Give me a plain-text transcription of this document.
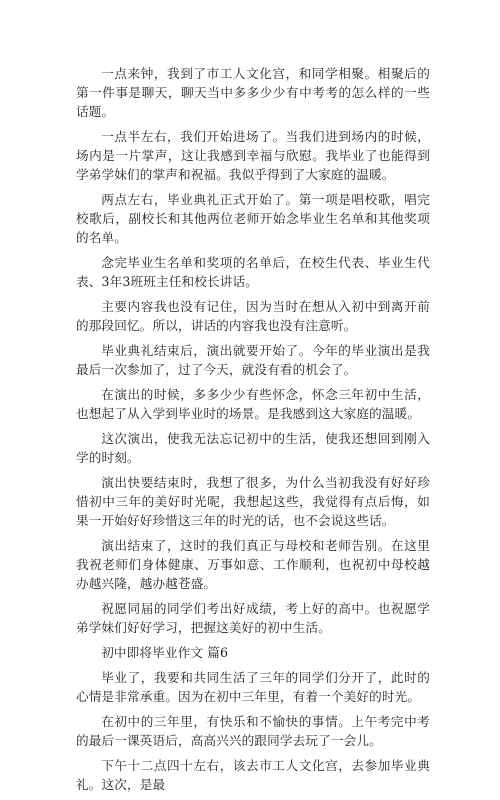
一点来钟，我到了市工人文化宫，和同学相聚。相聚后的第一件事是聊天，聊天当中多多少少有中考考的怎么样的一些话题。

一点半左右，我们开始进场了。当我们进到场内的时候，场内是一片掌声，这让我感到幸福与欣慰。我毕业了也能得到学弟学妹们的掌声和祝福。我似乎得到了大家庭的温暖。

两点左右，毕业典礼正式开始了。第一项是唱校歌，唱完校歌后，副校长和其他两位老师开始念毕业生名单和其他奖项的名单。

念完毕业生名单和奖项的名单后，在校生代表、毕业生代表、3年3班班主任和校长讲话。

主要内容我也没有记住，因为当时在想从入初中到离开前的那段回忆。所以，讲话的内容我也没有注意听。

毕业典礼结束后，演出就要开始了。今年的毕业演出是我最后一次参加了，过了今天，就没有看的机会了。

在演出的时候，多多少少有些怀念，怀念三年初中生活，也想起了从入学到毕业时的场景。是我感到这大家庭的温暖。

这次演出，使我无法忘记初中的生活，使我还想回到刚入学的时刻。

演出快要结束时，我想了很多，为什么当初我没有好好珍惜初中三年的美好时光呢，我想起这些，我觉得有点后悔，如果一开始好好珍惜这三年的时光的话，也不会说这些话。

演出结束了，这时的我们真正与母校和老师告别。在这里我祝老师们身体健康、万事如意、工作顺利，也祝初中母校越办越兴隆，越办越苍盛。

祝愿同届的同学们考出好成绩，考上好的高中。也祝愿学弟学妹们好好学习，把握这美好的初中生活。

初中即将毕业作文 篇6

毕业了，我要和共同生活了三年的同学们分开了，此时的心情是非常承重。因为在初中三年里，有着一个美好的时光。

在初中的三年里，有快乐和不愉快的事情。上午考完中考的最后一课英语后，高高兴兴的跟同学去玩了一会儿。

下午十二点四十左右，该去市工人文化宫，去参加毕业典礼。这次，是最
